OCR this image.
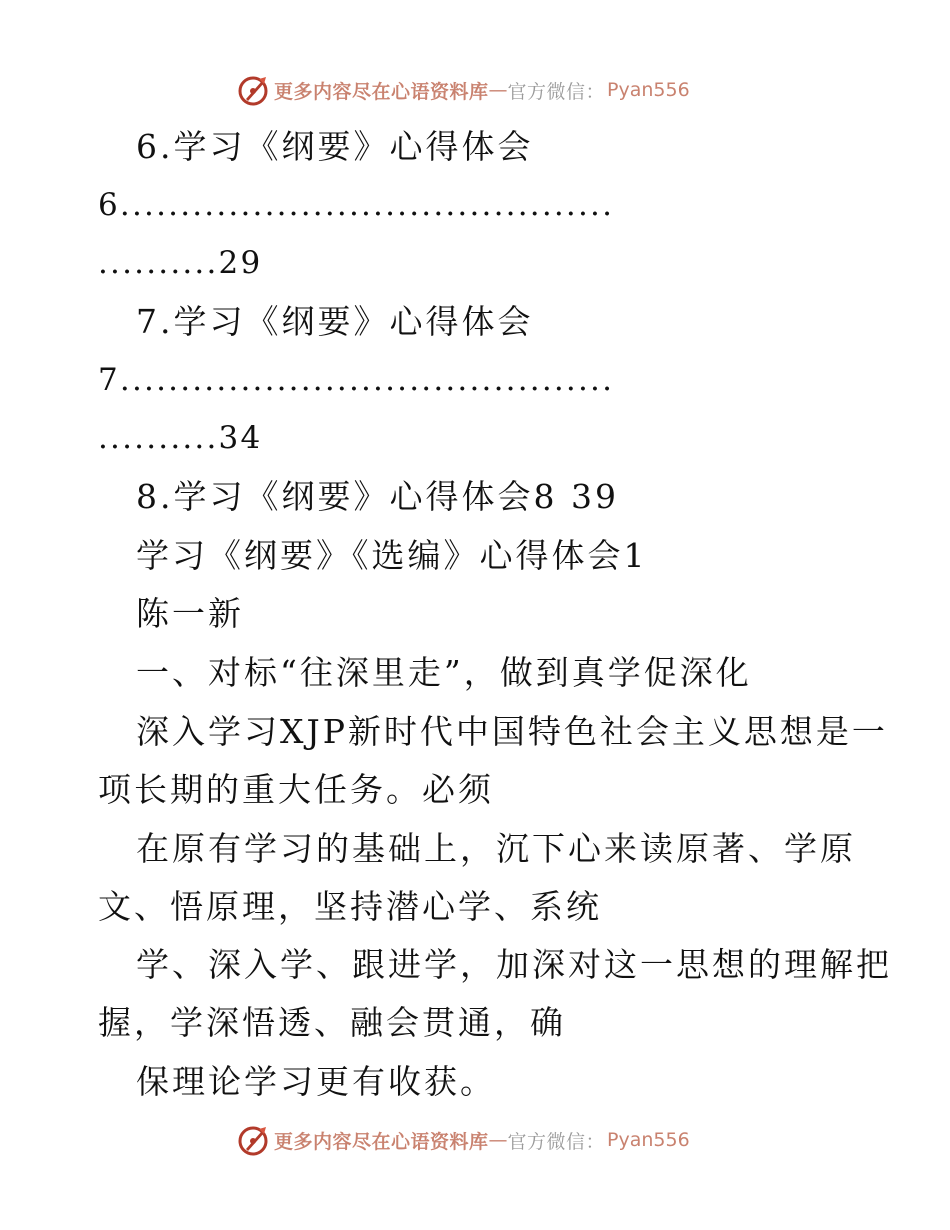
更多内容尽在心语资料库 — 官方微信： Pyan556
6.学习《纲要》心得体会
6.........................................
..........29
7.学习《纲要》心得体会
7.........................................
..........34
8.学习《纲要》心得体会8 39
学习《纲要》《选编》心得体会1
陈一新
一、对标“往深里走”，做到真学促深化
深入学习XJP新时代中国特色社会主义思想是一
项长期的重大任务。必须
在原有学习的基础上，沉下心来读原著、学原
文、悟原理，坚持潜心学、系统
学、深入学、跟进学，加深对这一思想的理解把
握，学深悟透、融会贯通，确
保理论学习更有收获。
更多内容尽在心语资料库 — 官方微信： Pyan556
